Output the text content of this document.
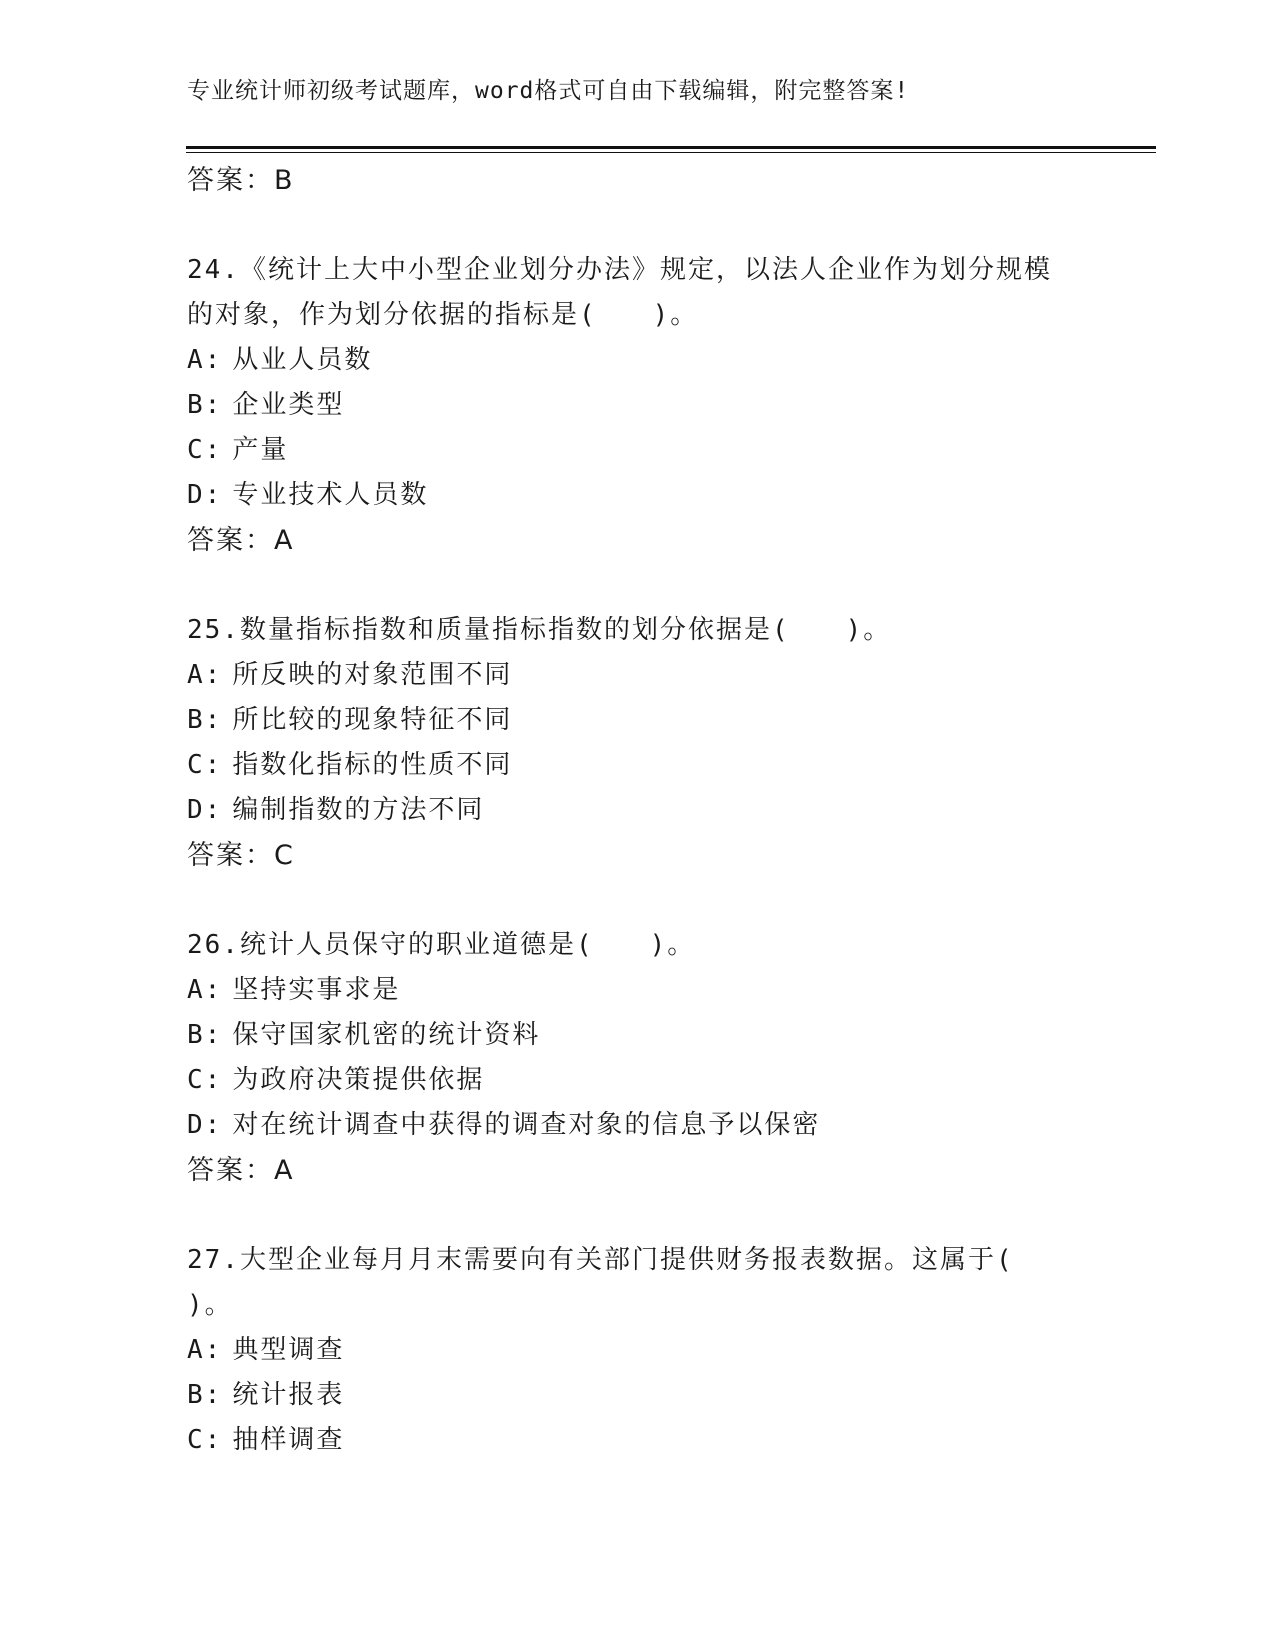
专业统计师初级考试题库，word格式可自由下载编辑，附完整答案!
答案：B
24.《统计上大中小型企业划分办法》规定，以法人企业作为划分规模
的对象，作为划分依据的指标是(　　)。
A: 从业人员数
B: 企业类型
C: 产量
D: 专业技术人员数
答案：A
25.数量指标指数和质量指标指数的划分依据是(　　)。
A: 所反映的对象范围不同
B: 所比较的现象特征不同
C: 指数化指标的性质不同
D: 编制指数的方法不同
答案：C
26.统计人员保守的职业道德是(　　)。
A: 坚持实事求是
B: 保守国家机密的统计资料
C: 为政府决策提供依据
D: 对在统计调查中获得的调查对象的信息予以保密
答案：A
27.大型企业每月月末需要向有关部门提供财务报表数据。这属于(
)。
A: 典型调查
B: 统计报表
C: 抽样调查
